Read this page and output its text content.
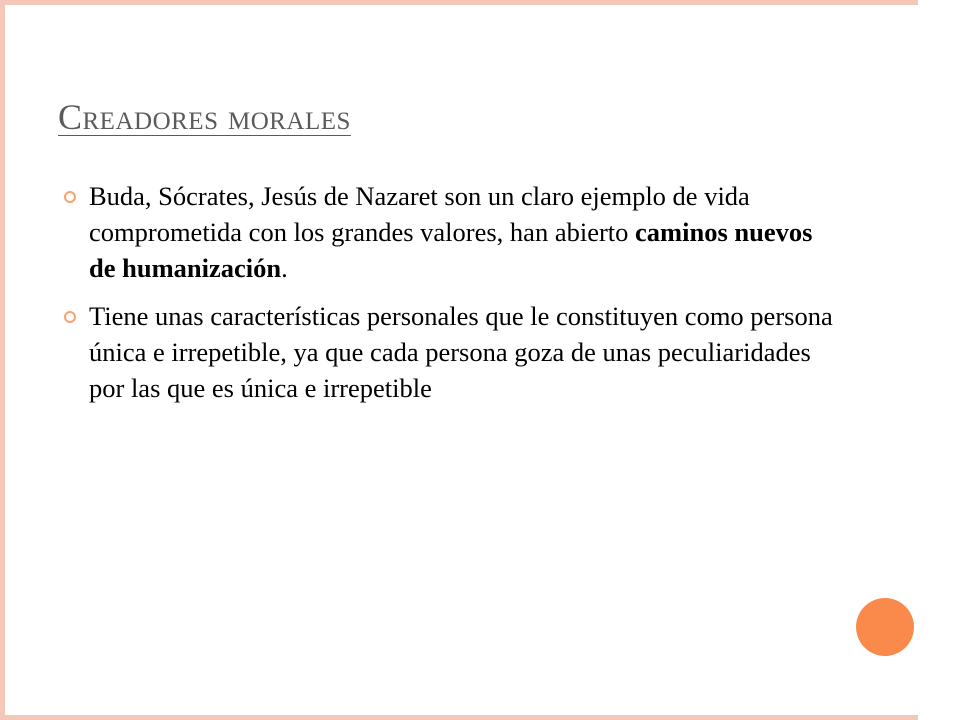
Creadores morales
Buda, Sócrates, Jesús de Nazaret son un claro ejemplo de vida comprometida con los grandes valores, han abierto caminos nuevos de humanización.
Tiene unas características personales que le constituyen como persona única e irrepetible, ya que cada persona goza de unas peculiaridades por las que es única e irrepetible
